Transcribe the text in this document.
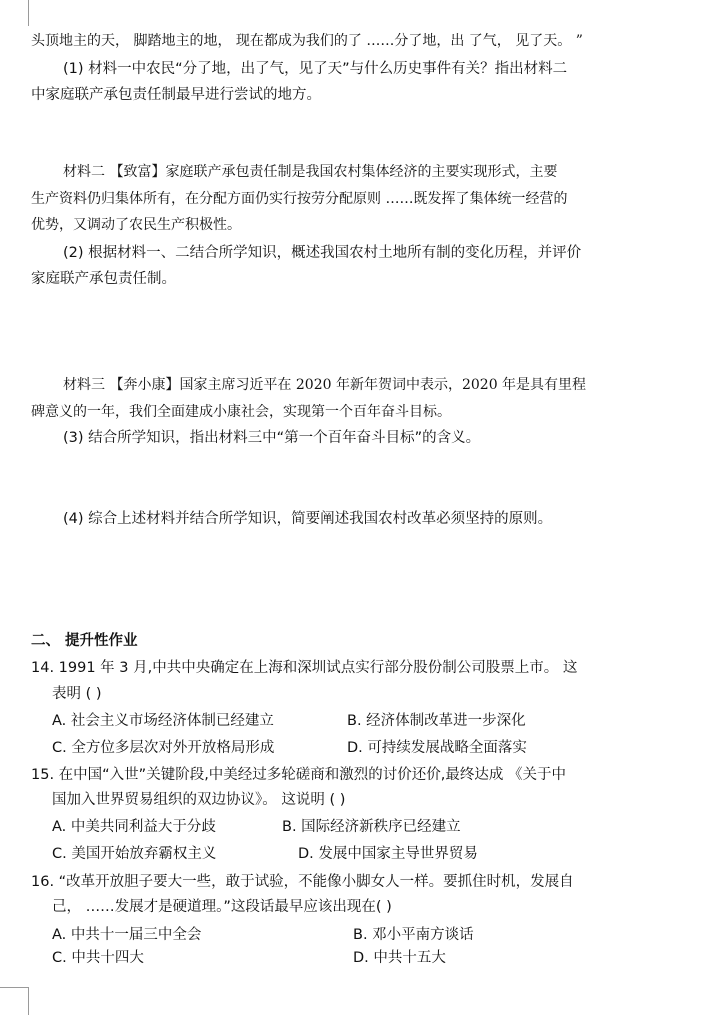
头顶地主的天， 脚踏地主的地， 现在都成为我们的了 ……分了地，出 了气， 见了天。 ”
(1) 材料一中农民“分了地，出了气，见了天”与什么历史事件有关？指出材料二
中家庭联产承包责任制最早进行尝试的地方。
材料二 【致富】家庭联产承包责任制是我国农村集体经济的主要实现形式，主要
生产资料仍归集体所有，在分配方面仍实行按劳分配原则 ……既发挥了集体统一经营的
优势，又调动了农民生产积极性。
(2) 根据材料一、二结合所学知识，概述我国农村土地所有制的变化历程，并评价
家庭联产承包责任制。
材料三 【奔小康】国家主席习近平在 2020 年新年贺词中表示，2020 年是具有里程
碑意义的一年，我们全面建成小康社会，实现第一个百年奋斗目标。
(3) 结合所学知识，指出材料三中“第一个百年奋斗目标”的含义。
(4) 综合上述材料并结合所学知识，简要阐述我国农村改革必须坚持的原则。
二、 提升性作业
14. 1991 年 3 月,中共中央确定在上海和深圳试点实行部分股份制公司股票上市。 这
表明 ( )
A. 社会主义市场经济体制已经建立	B. 经济体制改革进一步深化
C. 全方位多层次对外开放格局形成	D. 可持续发展战略全面落实
15. 在中国“入世”关键阶段,中美经过多轮磋商和激烈的讨价还价,最终达成 《关于中
国加入世界贸易组织的双边协议》。 这说明 ( )
A. 中美共同利益大于分歧	B. 国际经济新秩序已经建立
C. 美国开始放弃霸权主义	D. 发展中国家主导世界贸易
16. “改革开放胆子要大一些，敢于试验，不能像小脚女人一样。要抓住时机，发展自
己， ……发展才是硬道理。”这段话最早应该出现在( )
A. 中共十一届三中全会	B. 邓小平南方谈话
C. 中共十四大	D. 中共十五大
